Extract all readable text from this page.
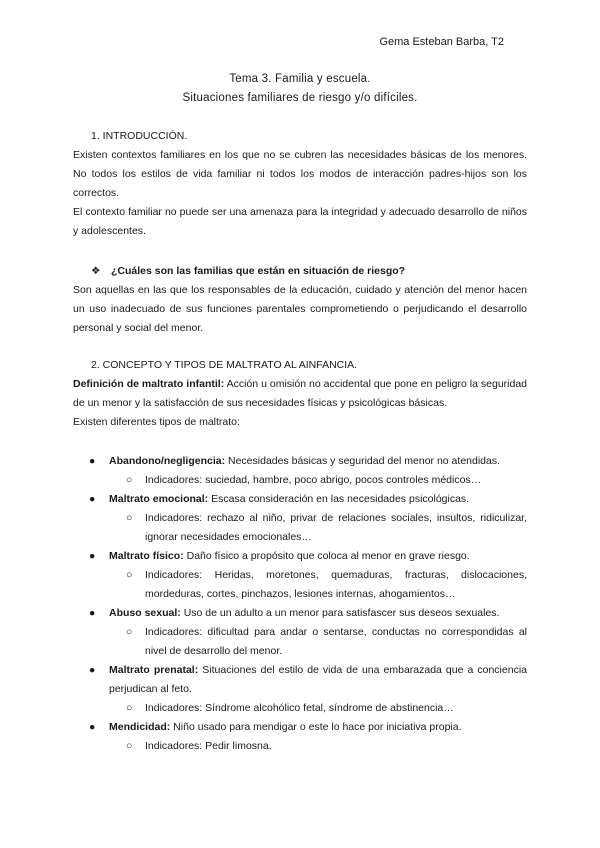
Gema Esteban Barba, T2
Tema 3. Familia y escuela.
Situaciones familiares de riesgo y/o difíciles.

1. INTRODUCCIÓN.

Existen contextos familiares en los que no se cubren las necesidades básicas de los menores. No todos los estilos de vida familiar ni todos los modos de interacción padres-hijos son los correctos.

El contexto familiar no puede ser una amenaza para la integridad y adecuado desarrollo de niños y adolescentes.

❖ ¿Cuáles son las familias que están en situación de riesgo?

Son aquellas en las que los responsables de la educación, cuidado y atención del menor hacen un uso inadecuado de sus funciones parentales comprometiendo o perjudicando el desarrollo personal y social del menor.

2. CONCEPTO Y TIPOS DE MALTRATO AL AINFANCIA.

Definición de maltrato infantil: Acción u omisión no accidental que pone en peligro la seguridad de un menor y la satisfacción de sus necesidades físicas y psicológicas básicas.

Existen diferentes tipos de maltrato:

● Abandono/negligencia: Necesidades básicas y seguridad del menor no atendidas.
○ Indicadores: suciedad, hambre, poco abrigo, pocos controles médicos…
● Maltrato emocional: Escasa consideración en las necesidades psicológicas.
○ Indicadores: rechazo al niño, privar de relaciones sociales, insultos, ridiculizar, ignorar necesidades emocionales…
● Maltrato físico: Daño físico a propósito que coloca al menor en grave riesgo.
○ Indicadores: Heridas, moretones, quemaduras, fracturas, dislocaciones, mordeduras, cortes, pinchazos, lesiones internas, ahogamientos…
● Abuso sexual: Uso de un adulto a un menor para satisfascer sus deseos sexuales.
○ Indicadores: dificultad para andar o sentarse, conductas no correspondidas al nivel de desarrollo del menor.
● Maltrato prenatal: Situaciones del estilo de vida de una embarazada que a conciencia perjudican al feto.
○ Indicadores: Síndrome alcohólico fetal, síndrome de abstinencia…
● Mendicidad: Niño usado para mendigar o este lo hace por iniciativa propia.
○ Indicadores: Pedir limosna.
